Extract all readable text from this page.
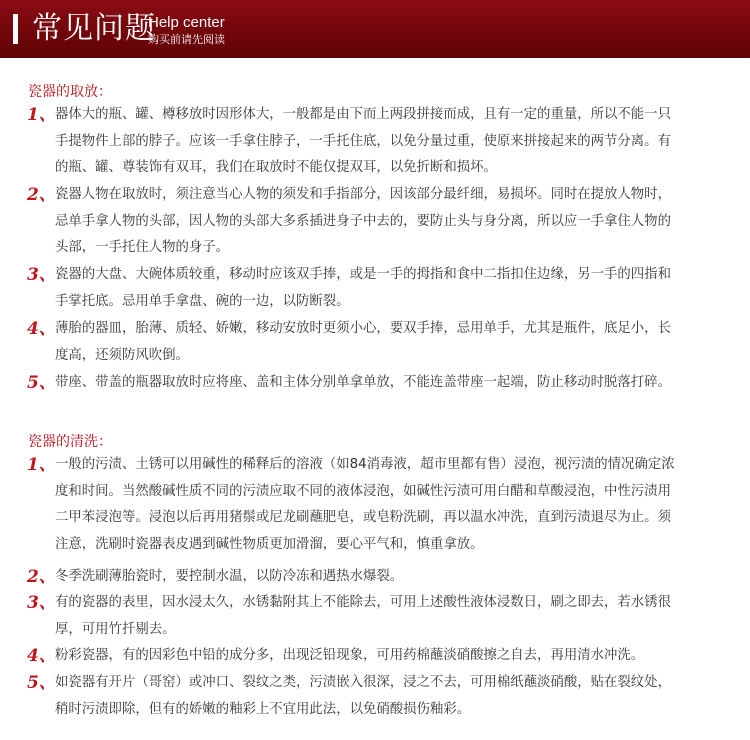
常见问题
Help center
购买前请先阅读
瓷器的取放：
1、 器体大的瓶、罐、樽移放时因形体大，一般都是由下而上两段拼接而成，且有一定的重量，所以不能一只
手提物件上部的脖子。应该一手拿住脖子，一手托住底，以免分量过重，使原来拼接起来的两节分离。有
的瓶、罐、尊装饰有双耳，我们在取放时不能仅提双耳，以免折断和损坏。
2、 瓷器人物在取放时，须注意当心人物的须发和手指部分，因该部分最纤细，易损坏。同时在提放人物时，
忌单手拿人物的头部，因人物的头部大多系插进身子中去的，要防止头与身分离，所以应一手拿住人物的
头部，一手托住人物的身子。
3、 瓷器的大盘、大碗体质较重，移动时应该双手捧，或是一手的拇指和食中二指扣住边缘，另一手的四指和
手掌托底。忌用单手拿盘、碗的一边，以防断裂。
4、 薄胎的器皿，胎薄、质轻、娇嫩，移动安放时更须小心，要双手捧，忌用单手，尤其是瓶件，底足小，长
度高，还须防风吹倒。
5、 带座、带盖的瓶器取放时应将座、盖和主体分别单拿单放，不能连盖带座一起端，防止移动时脱落打碎。
瓷器的清洗：
1、 一般的污渍、土锈可以用碱性的稀释后的溶液（如84消毒液，超市里都有售）浸泡，视污渍的情况确定浓
度和时间。当然酸碱性质不同的污渍应取不同的液体浸泡，如碱性污渍可用白醋和草酸浸泡，中性污渍用
二甲苯浸泡等。浸泡以后再用猪鬃或尼龙刷蘸肥皂，或皂粉洗刷，再以温水冲洗，直到污渍退尽为止。须
注意，洗刷时瓷器表皮遇到碱性物质更加滑溜，要心平气和，慎重拿放。
2、 冬季洗刷薄胎瓷时，要控制水温，以防冷冻和遇热水爆裂。
3、 有的瓷器的表里，因水浸太久，水锈黏附其上不能除去，可用上述酸性液体浸数日，刷之即去，若水锈很
厚，可用竹扦剔去。
4、 粉彩瓷器，有的因彩色中铅的成分多，出现泛铅现象，可用药棉蘸淡硝酸擦之自去，再用清水冲洗。
5、 如瓷器有开片（哥窑）或冲口、裂纹之类，污渍嵌入很深，浸之不去，可用棉纸蘸淡硝酸，贴在裂纹处，
稍时污渍即除，但有的娇嫩的釉彩上不宜用此法，以免硝酸损伤釉彩。
